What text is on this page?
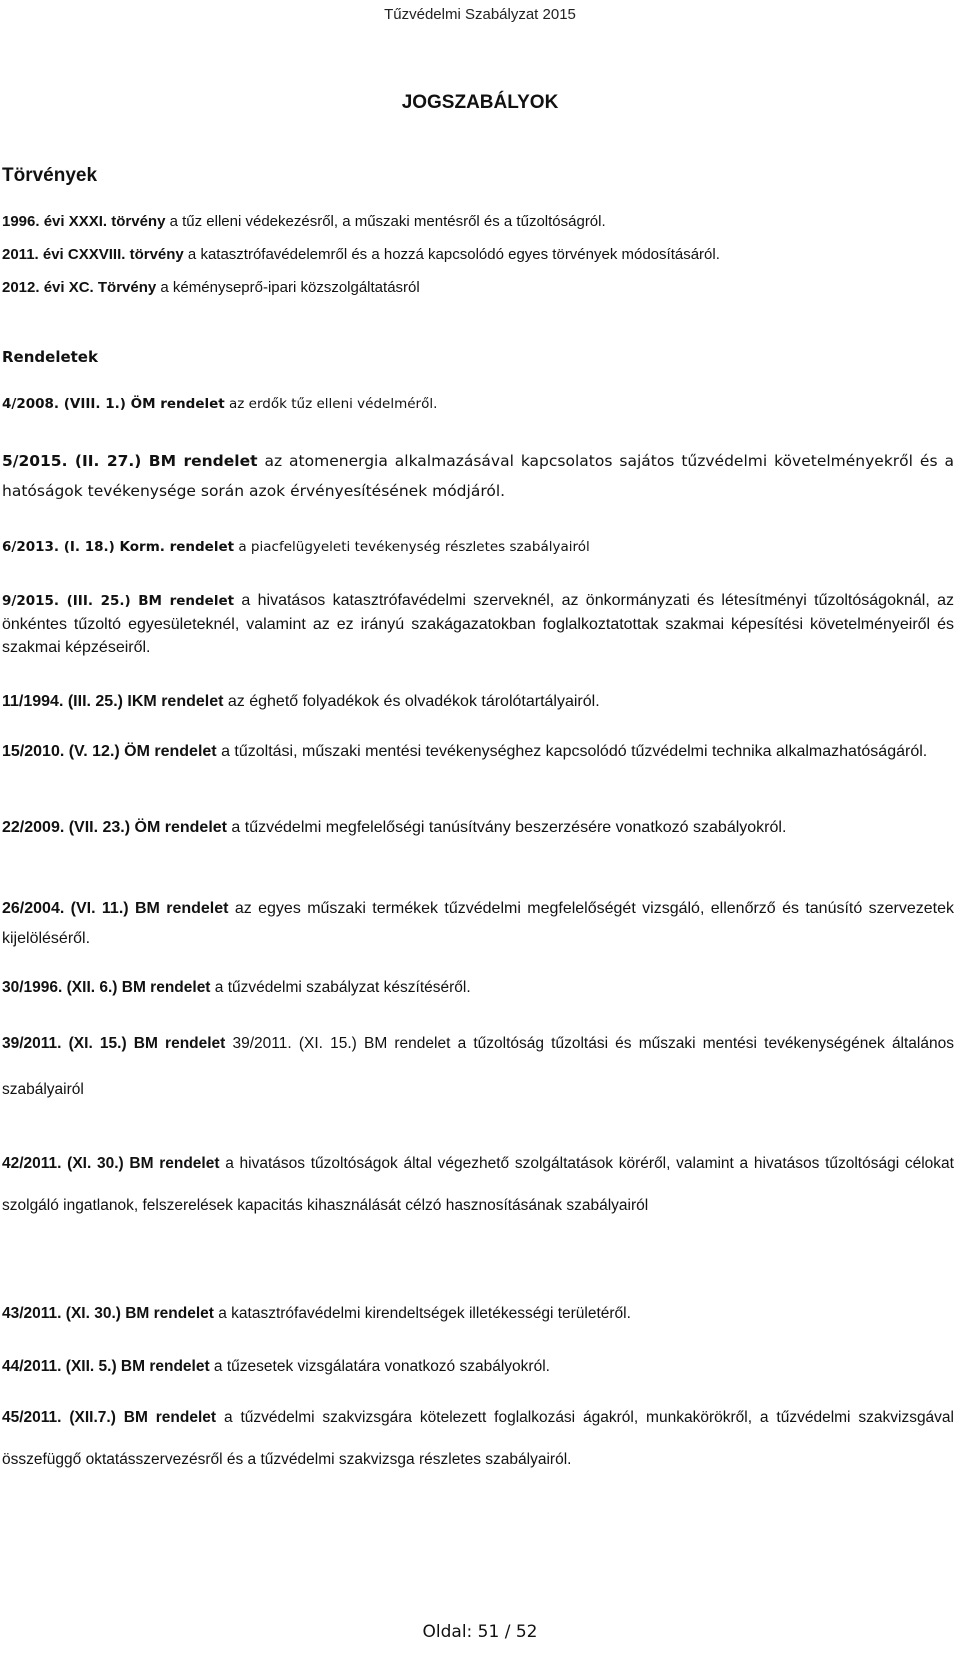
Tűzvédelmi Szabályzat 2015
JOGSZABÁLYOK
Törvények
1996. évi XXXI. törvény a tűz elleni védekezésről, a műszaki mentésről és a tűzoltóságról.
2011. évi CXXVIII. törvény a katasztrófavédelemről és a hozzá kapcsolódó egyes törvények módosításáról.
2012. évi XC. Törvény a kéményseprő-ipari közszolgáltatásról
Rendeletek
4/2008. (VIII. 1.) ÖM rendelet az erdők tűz elleni védelméről.
5/2015. (II. 27.) BM rendelet az atomenergia alkalmazásával kapcsolatos sajátos tűzvédelmi követelményekről és a hatóságok tevékenysége során azok érvényesítésének módjáról.
6/2013. (I. 18.) Korm. rendelet a piacfelügyeleti tevékenység részletes szabályairól
9/2015. (III. 25.) BM rendelet a hivatásos katasztrófavédelmi szerveknél, az önkormányzati és létesítményi tűzoltóságoknál, az önkéntes tűzoltó egyesületeknél, valamint az ez irányú szakágazatokban foglalkoztatottak szakmai képesítési követelményeiről és szakmai képzéseiről.
11/1994. (III. 25.) IKM rendelet az éghető folyadékok és olvadékok tárolótartályairól.
15/2010. (V. 12.) ÖM rendelet a tűzoltási, műszaki mentési tevékenységhez kapcsolódó tűzvédelmi technika alkalmazhatóságáról.
22/2009. (VII. 23.) ÖM rendelet a tűzvédelmi megfelelőségi tanúsítvány beszerzésére vonatkozó szabályokról.
26/2004. (VI. 11.) BM rendelet az egyes műszaki termékek tűzvédelmi megfelelőségét vizsgáló, ellenőrző és tanúsító szervezetek kijelöléséről.
30/1996. (XII. 6.) BM rendelet a tűzvédelmi szabályzat készítéséről.
39/2011. (XI. 15.) BM rendelet 39/2011. (XI. 15.) BM rendelet a tűzoltóság tűzoltási és műszaki mentési tevékenységének általános szabályairól
42/2011. (XI. 30.) BM rendelet a hivatásos tűzoltóságok által végezhető szolgáltatások köréről, valamint a hivatásos tűzoltósági célokat szolgáló ingatlanok, felszerelések kapacitás kihasználását célzó hasznosításának szabályairól
43/2011. (XI. 30.) BM rendelet a katasztrófavédelmi kirendeltségek illetékességi területéről.
44/2011. (XII. 5.) BM rendelet a tűzesetek vizsgálatára vonatkozó szabályokról.
45/2011. (XII.7.) BM rendelet a tűzvédelmi szakvizsgára kötelezett foglalkozási ágakról, munkakörökről, a tűzvédelmi szakvizsgával összefüggő oktatásszervezésről és a tűzvédelmi szakvizsga részletes szabályairól.
Oldal: 51 / 52
